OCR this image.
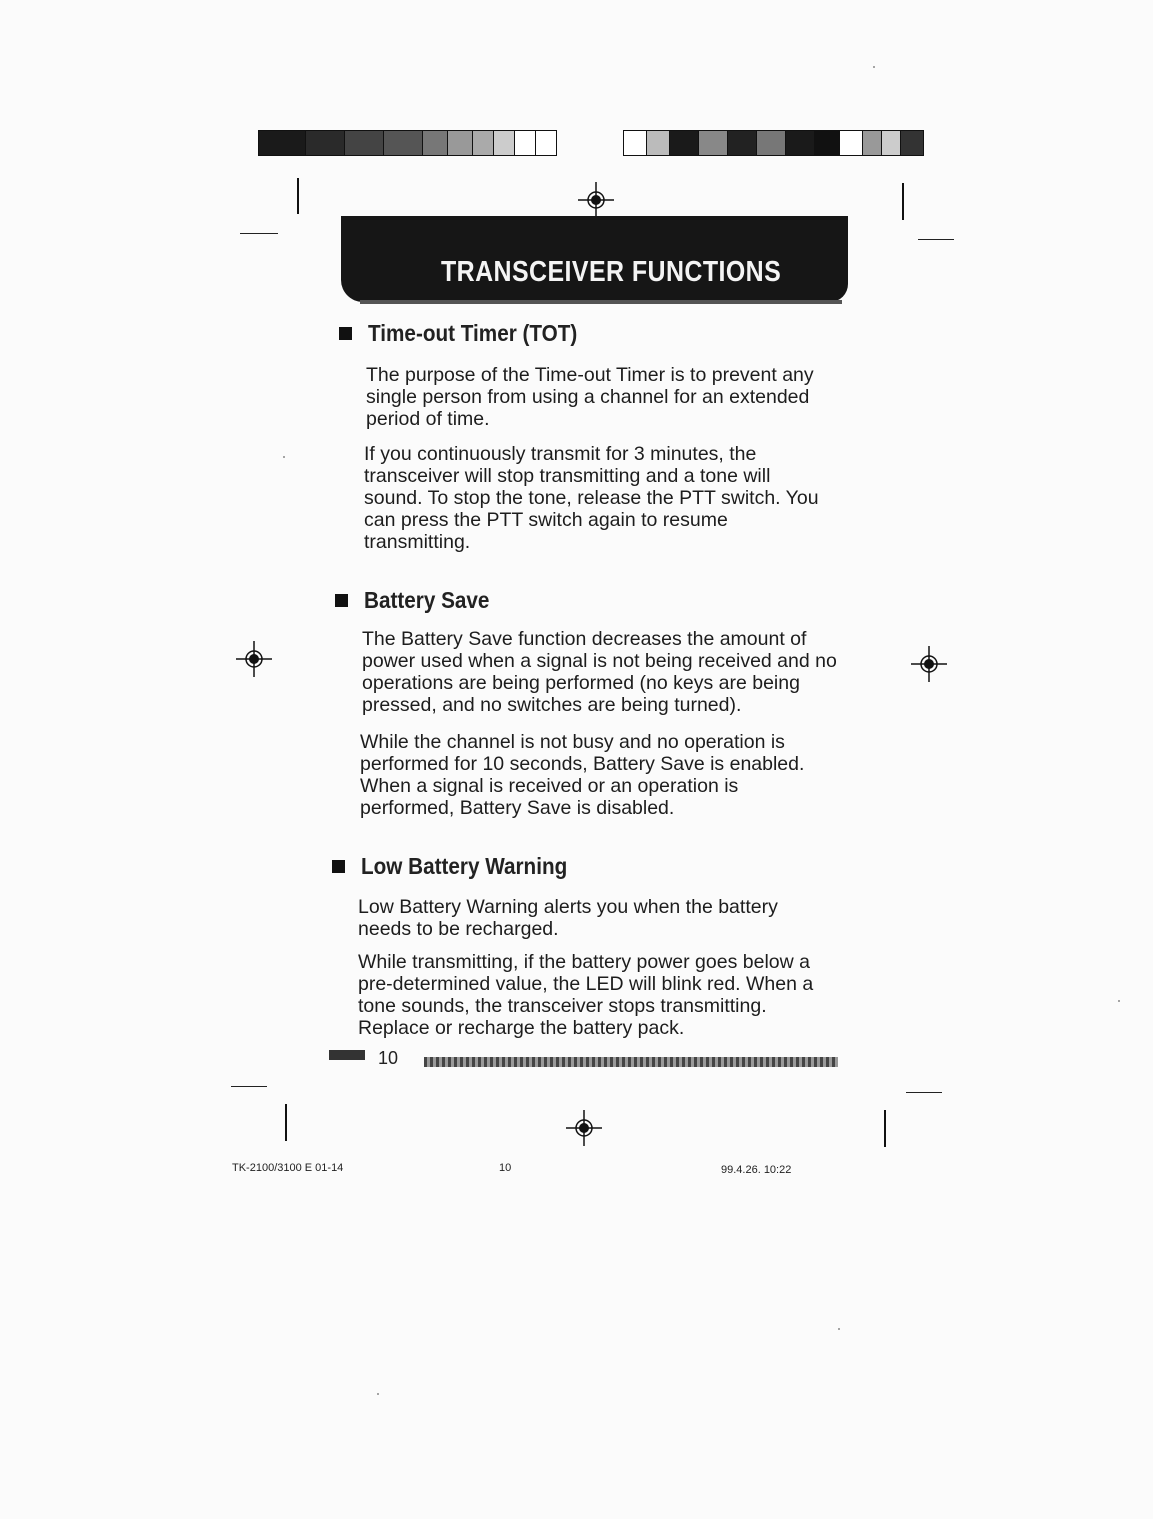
TRANSCEIVER FUNCTIONS
Time-out Timer (TOT)
The purpose of the Time-out Timer is to prevent any single person from using a channel for an extended period of time.
If you continuously transmit for 3 minutes, the transceiver will stop transmitting and a tone will sound. To stop the tone, release the PTT switch. You can press the PTT switch again to resume transmitting.
Battery Save
The Battery Save function decreases the amount of power used when a signal is not being received and no operations are being performed (no keys are being pressed, and no switches are being turned).
While the channel is not busy and no operation is performed for 10 seconds, Battery Save is enabled. When a signal is received or an operation is performed, Battery Save is disabled.
Low Battery Warning
Low Battery Warning alerts you when the battery needs to be recharged.
While transmitting, if the battery power goes below a pre-determined value, the LED will blink red. When a tone sounds, the transceiver stops transmitting. Replace or recharge the battery pack.
10
TK-2100/3100 E 01-14	10	99.4.26. 10:22
